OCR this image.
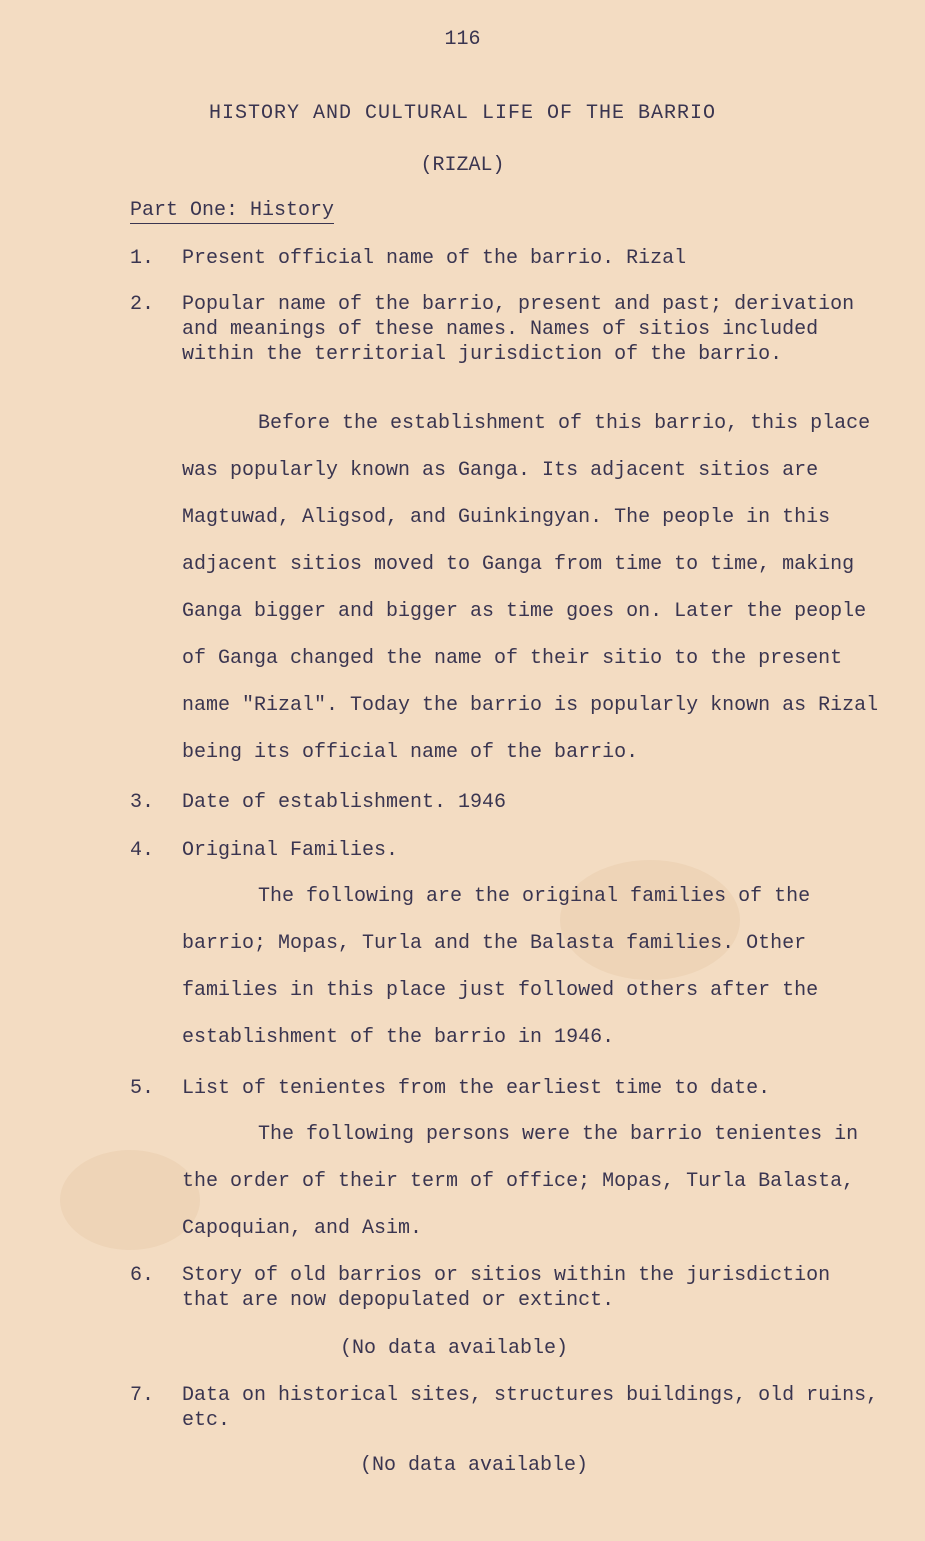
116
HISTORY AND CULTURAL LIFE OF THE BARRIO
(RIZAL)
Part One: History
1. Present official name of the barrio. Rizal
2. Popular name of the barrio, present and past; derivation and meanings of these names. Names of sitios included within the territorial jurisdiction of the barrio.
Before the establishment of this barrio, this place was popularly known as Ganga. Its adjacent sitios are Magtuwad, Aligsod, and Guinkingyan. The people in this adjacent sitios moved to Ganga from time to time, making Ganga bigger and bigger as time goes on. Later the people of Ganga changed the name of their sitio to the present name "Rizal". Today the barrio is popularly known as Rizal being its official name of the barrio.
3. Date of establishment. 1946
4. Original Families.
The following are the original families of the barrio; Mopas, Turla and the Balasta families. Other families in this place just followed others after the establishment of the barrio in 1946.
5. List of tenientes from the earliest time to date.
The following persons were the barrio tenientes in the order of their term of office; Mopas, Turla Balasta, Capoquian, and Asim.
6. Story of old barrios or sitios within the jurisdiction that are now depopulated or extinct.
(No data available)
7. Data on historical sites, structures buildings, old ruins, etc.
(No data available)
